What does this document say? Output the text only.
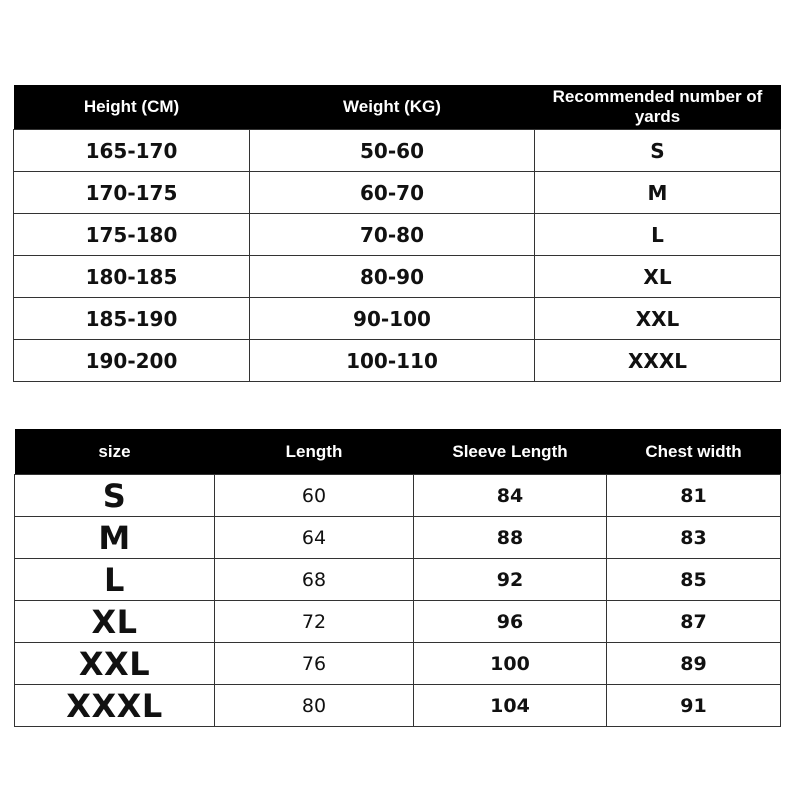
Height (CM)	Weight (KG)	Recommended number of yards
165-170	50-60	S
170-175	60-70	M
175-180	70-80	L
180-185	80-90	XL
185-190	90-100	XXL
190-200	100-110	XXXL
size	Length	Sleeve Length	Chest width
S	60	84	81
M	64	88	83
L	68	92	85
XL	72	96	87
XXL	76	100	89
XXXL	80	104	91
